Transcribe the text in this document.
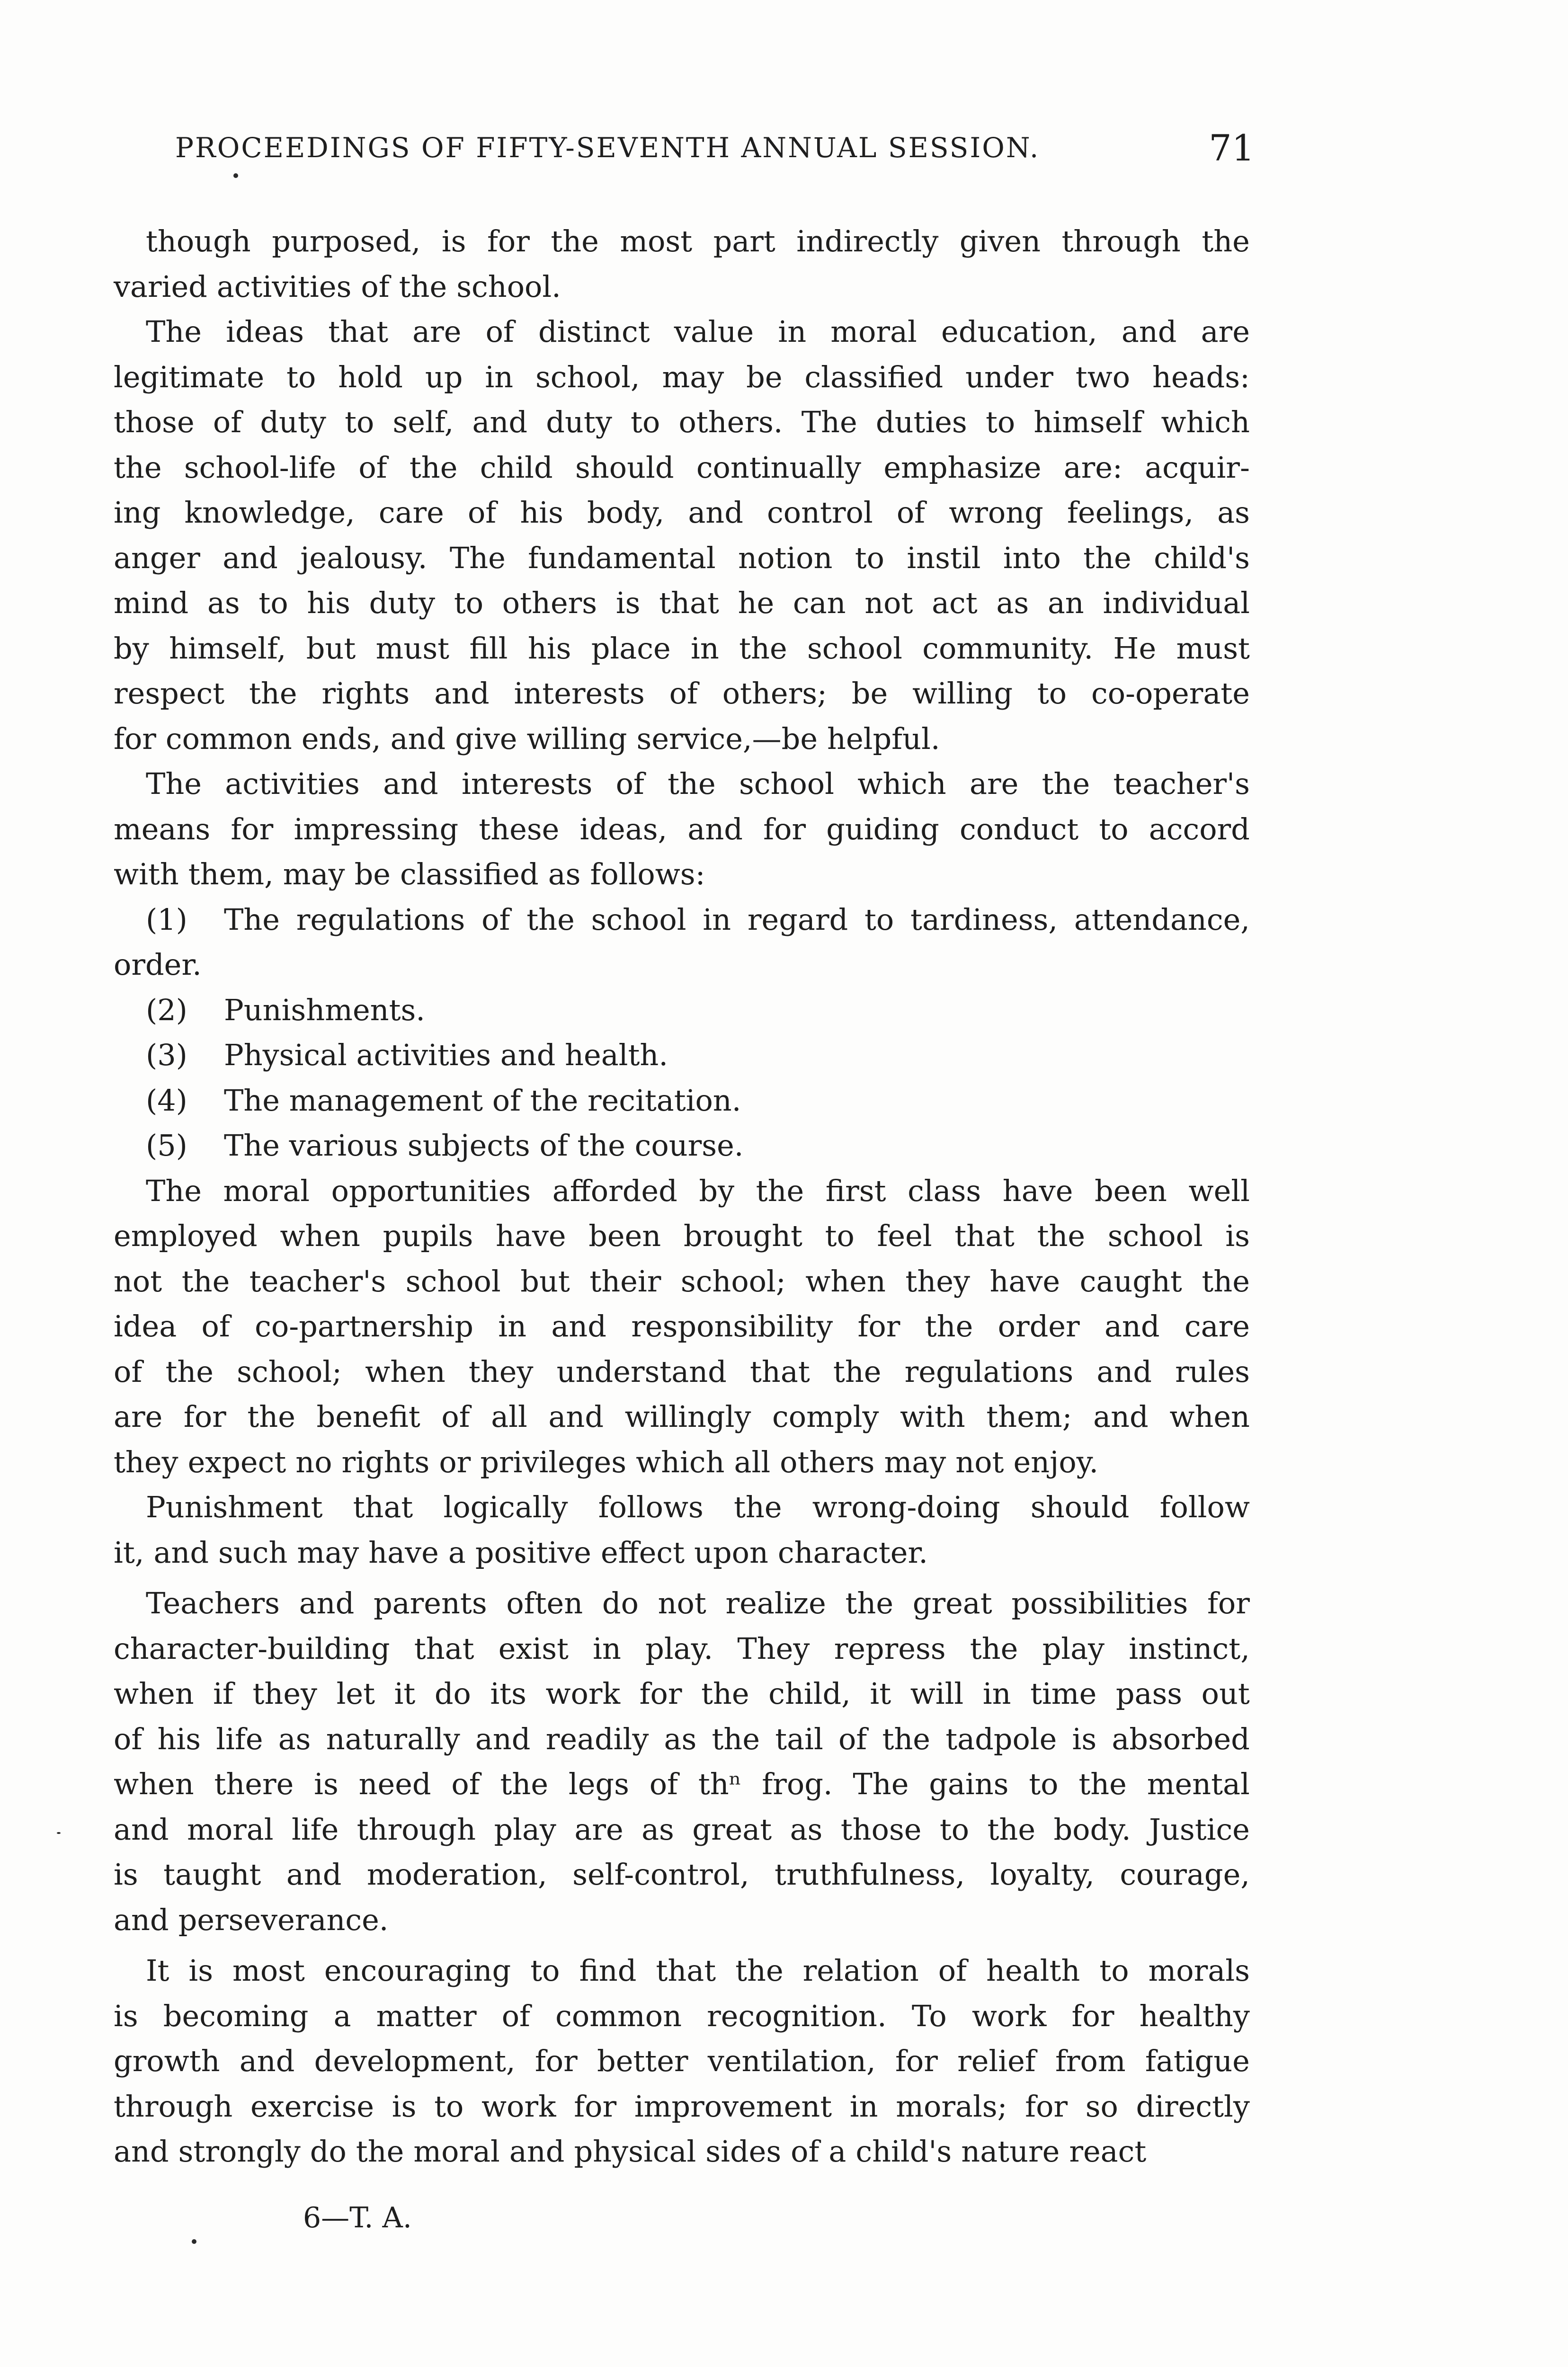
PROCEEDINGS OF FIFTY-SEVENTH ANNUAL SESSION.	71
though purposed, is for the most part indirectly given through the
varied activities of the school.
The ideas that are of distinct value in moral education, and are
legitimate to hold up in school, may be classified under two heads:
those of duty to self, and duty to others. The duties to himself which
the school-life of the child should continually emphasize are: acquir-
ing knowledge, care of his body, and control of wrong feelings, as
anger and jealousy. The fundamental notion to instil into the child's
mind as to his duty to others is that he can not act as an individual
by himself, but must fill his place in the school community. He must
respect the rights and interests of others; be willing to co-operate
for common ends, and give willing service,—be helpful.
The activities and interests of the school which are the teacher's
means for impressing these ideas, and for guiding conduct to accord
with them, may be classified as follows:
(1)	The regulations of the school in regard to tardiness, attendance,
order.
(2)	Punishments.
(3)	Physical activities and health.
(4)	The management of the recitation.
(5)	The various subjects of the course.
The moral opportunities afforded by the first class have been well
employed when pupils have been brought to feel that the school is
not the teacher's school but their school; when they have caught the
idea of co-partnership in and responsibility for the order and care
of the school; when they understand that the regulations and rules
are for the benefit of all and willingly comply with them; and when
they expect no rights or privileges which all others may not enjoy.
Punishment that logically follows the wrong-doing should follow
it, and such may have a positive effect upon character.
Teachers and parents often do not realize the great possibilities for
character-building that exist in play. They repress the play instinct,
when if they let it do its work for the child, it will in time pass out
of his life as naturally and readily as the tail of the tadpole is absorbed
when there is need of the legs of thⁿ frog. The gains to the mental
and moral life through play are as great as those to the body. Justice
is taught and moderation, self-control, truthfulness, loyalty, courage,
and perseverance.
It is most encouraging to find that the relation of health to morals
is becoming a matter of common recognition. To work for healthy
growth and development, for better ventilation, for relief from fatigue
through exercise is to work for improvement in morals; for so directly
and strongly do the moral and physical sides of a child's nature react
6—T. A.
